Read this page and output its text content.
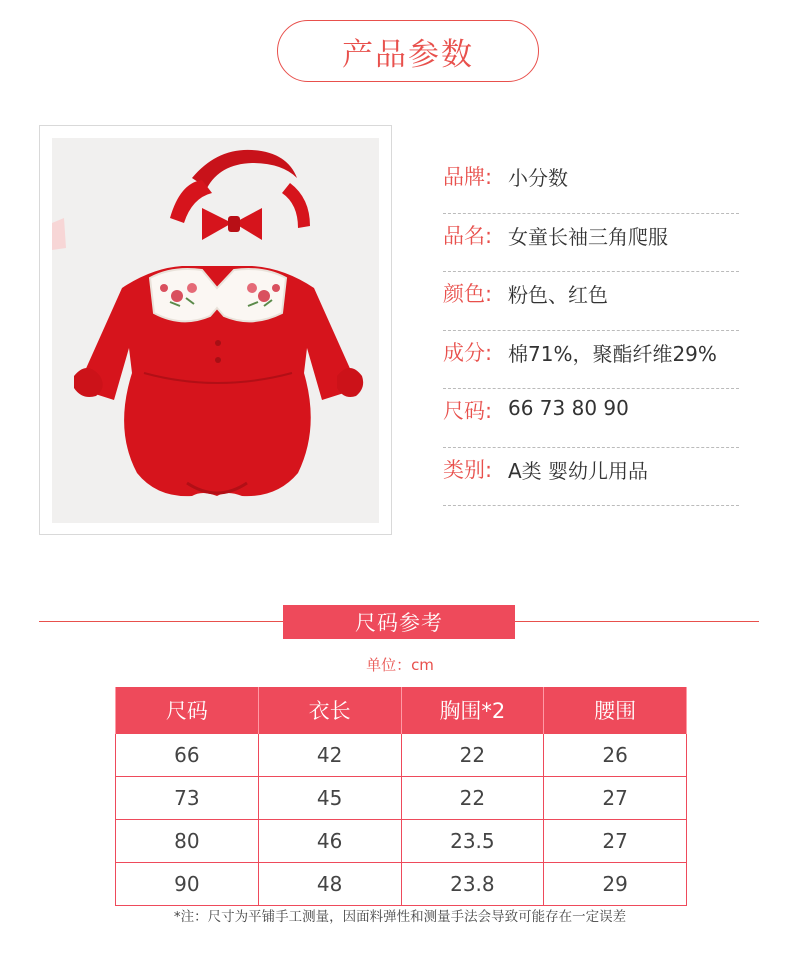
产品参数
品牌: 小分数
品名: 女童长袖三角爬服
颜色: 粉色、红色
成分: 棉71%，聚酯纤维29%
尺码: 66 73 80 90
类别: A类 婴幼儿用品
尺码参考
单位：cm
尺码	衣长	胸围*2	腰围
66	42	22	26
73	45	22	27
80	46	23.5	27
90	48	23.8	29
*注：尺寸为平铺手工测量，因面料弹性和测量手法会导致可能存在一定误差
